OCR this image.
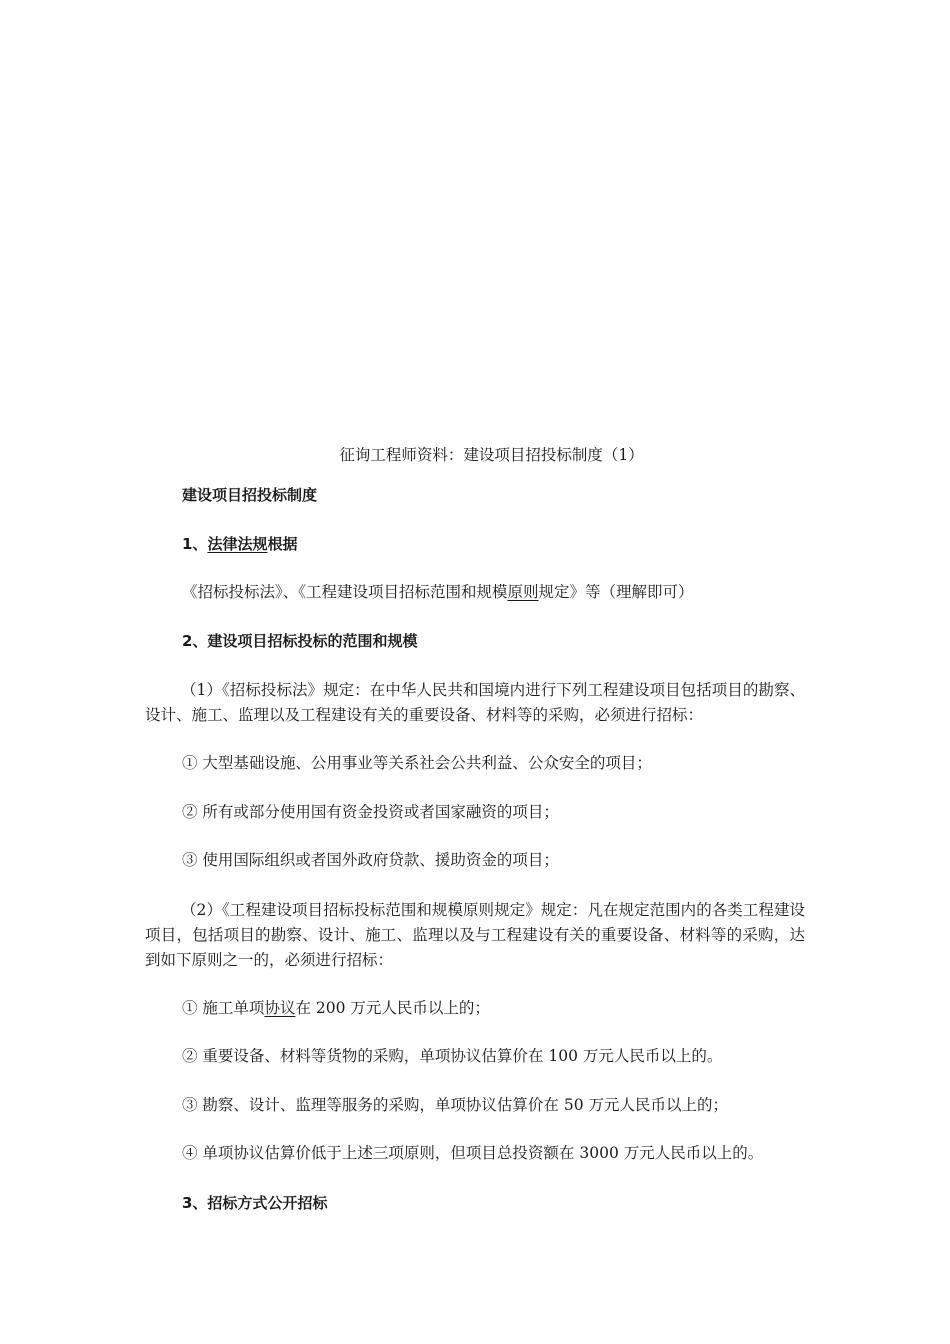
征询工程师资料：建设项目招投标制度（1）
建设项目招投标制度
1、法律法规根据
《招标投标法》、《工程建设项目招标范围和规模原则规定》等（理解即可）
2、建设项目招标投标的范围和规模
（1）《招标投标法》规定：在中华人民共和国境内进行下列工程建设项目包括项目的勘察、设计、施工、监理以及工程建设有关的重要设备、材料等的采购，必须进行招标：
① 大型基础设施、公用事业等关系社会公共利益、公众安全的项目；
② 所有或部分使用国有资金投资或者国家融资的项目；
③ 使用国际组织或者国外政府贷款、援助资金的项目；
（2）《工程建设项目招标投标范围和规模原则规定》规定：凡在规定范围内的各类工程建设项目，包括项目的勘察、设计、施工、监理以及与工程建设有关的重要设备、材料等的采购，达到如下原则之一的，必须进行招标：
① 施工单项协议在 200 万元人民币以上的；
② 重要设备、材料等货物的采购，单项协议估算价在 100 万元人民币以上的。
③ 勘察、设计、监理等服务的采购，单项协议估算价在 50 万元人民币以上的；
④ 单项协议估算价低于上述三项原则，但项目总投资额在 3000 万元人民币以上的。
3、招标方式公开招标
